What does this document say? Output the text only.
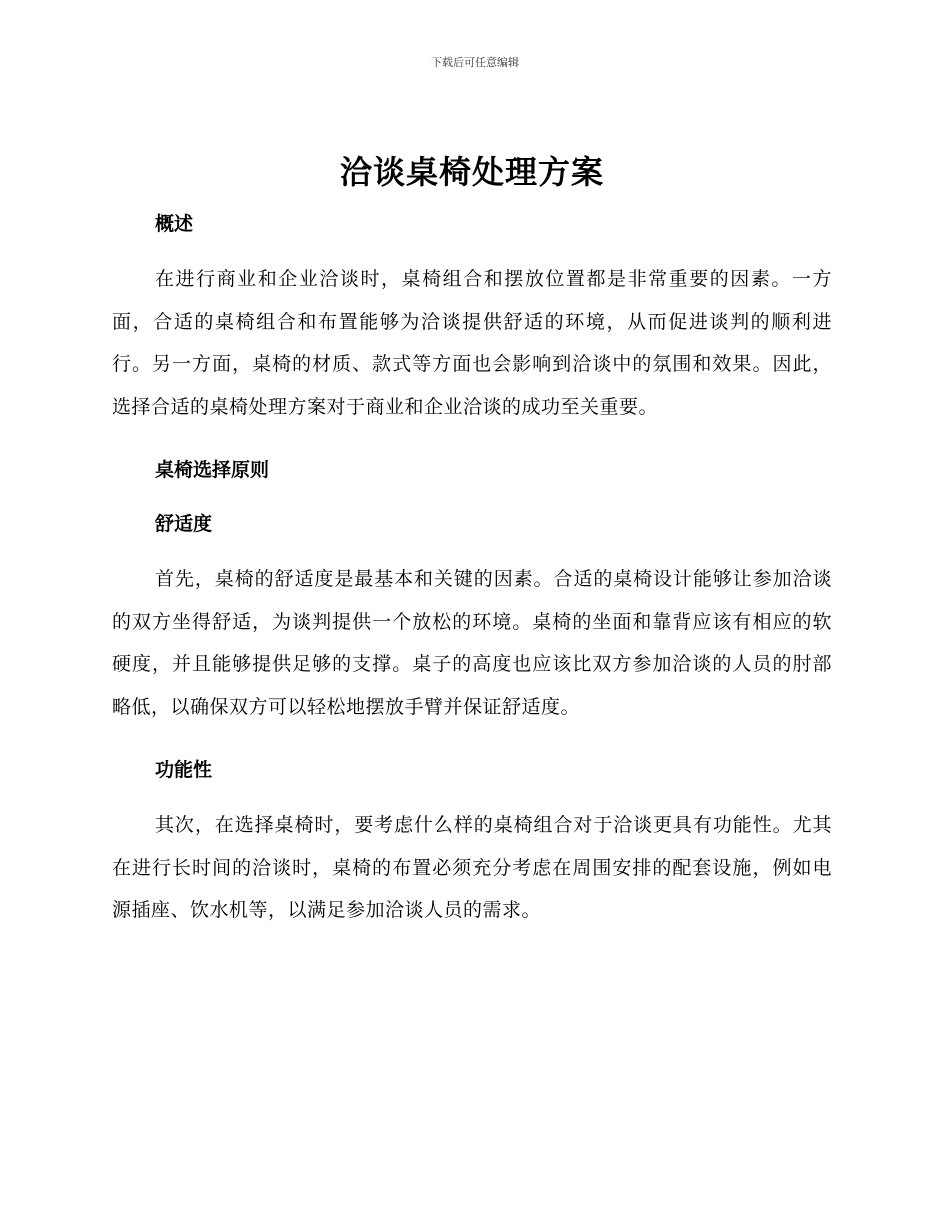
下载后可任意编辑
洽谈桌椅处理方案
概述

在进行商业和企业洽谈时，桌椅组合和摆放位置都是非常重要的因素。一方面，合适的桌椅组合和布置能够为洽谈提供舒适的环境，从而促进谈判的顺利进行。另一方面，桌椅的材质、款式等方面也会影响到洽谈中的氛围和效果。因此，选择合适的桌椅处理方案对于商业和企业洽谈的成功至关重要。

桌椅选择原则
舒适度

首先，桌椅的舒适度是最基本和关键的因素。合适的桌椅设计能够让参加洽谈的双方坐得舒适，为谈判提供一个放松的环境。桌椅的坐面和靠背应该有相应的软硬度，并且能够提供足够的支撑。桌子的高度也应该比双方参加洽谈的人员的肘部略低，以确保双方可以轻松地摆放手臂并保证舒适度。

功能性

其次，在选择桌椅时，要考虑什么样的桌椅组合对于洽谈更具有功能性。尤其在进行长时间的洽谈时，桌椅的布置必须充分考虑在周围安排的配套设施，例如电源插座、饮水机等，以满足参加洽谈人员的需求。
